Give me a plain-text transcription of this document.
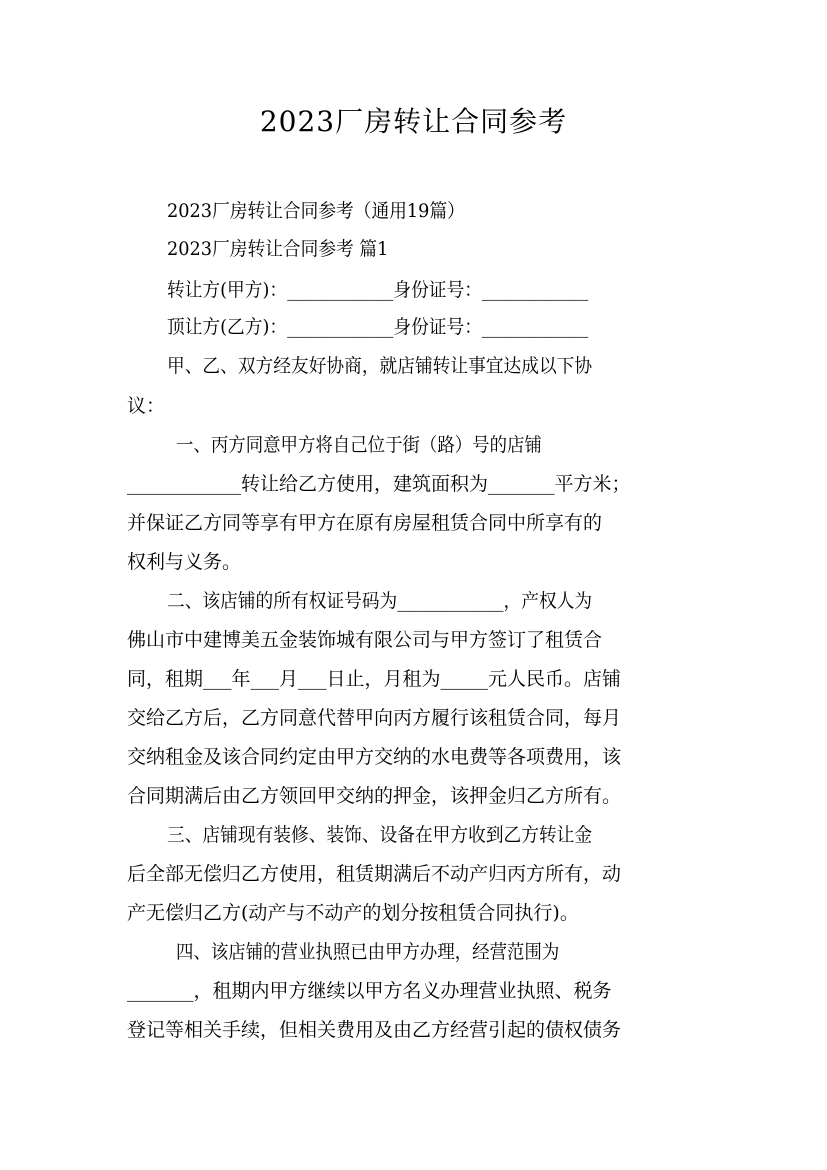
2023厂房转让合同参考
2023厂房转让合同参考（通用19篇）
2023厂房转让合同参考 篇1
转让方(甲方)：____________身份证号：____________
顶让方(乙方)：____________身份证号：____________
甲、乙、双方经友好协商，就店铺转让事宜达成以下协
议：
一、丙方同意甲方将自己位于街（路）号的店铺
____________转让给乙方使用，建筑面积为_______平方米；
并保证乙方同等享有甲方在原有房屋租赁合同中所享有的
权利与义务。
二、该店铺的所有权证号码为____________，产权人为
佛山市中建博美五金装饰城有限公司与甲方签订了租赁合
同，租期___年___月___日止，月租为_____元人民币。店铺
交给乙方后，乙方同意代替甲向丙方履行该租赁合同，每月
交纳租金及该合同约定由甲方交纳的水电费等各项费用，该
合同期满后由乙方领回甲交纳的押金，该押金归乙方所有。
三、店铺现有装修、装饰、设备在甲方收到乙方转让金
后全部无偿归乙方使用，租赁期满后不动产归丙方所有，动
产无偿归乙方(动产与不动产的划分按租赁合同执行)。
四、该店铺的营业执照已由甲方办理，经营范围为
_______，租期内甲方继续以甲方名义办理营业执照、税务
登记等相关手续，但相关费用及由乙方经营引起的债权债务
